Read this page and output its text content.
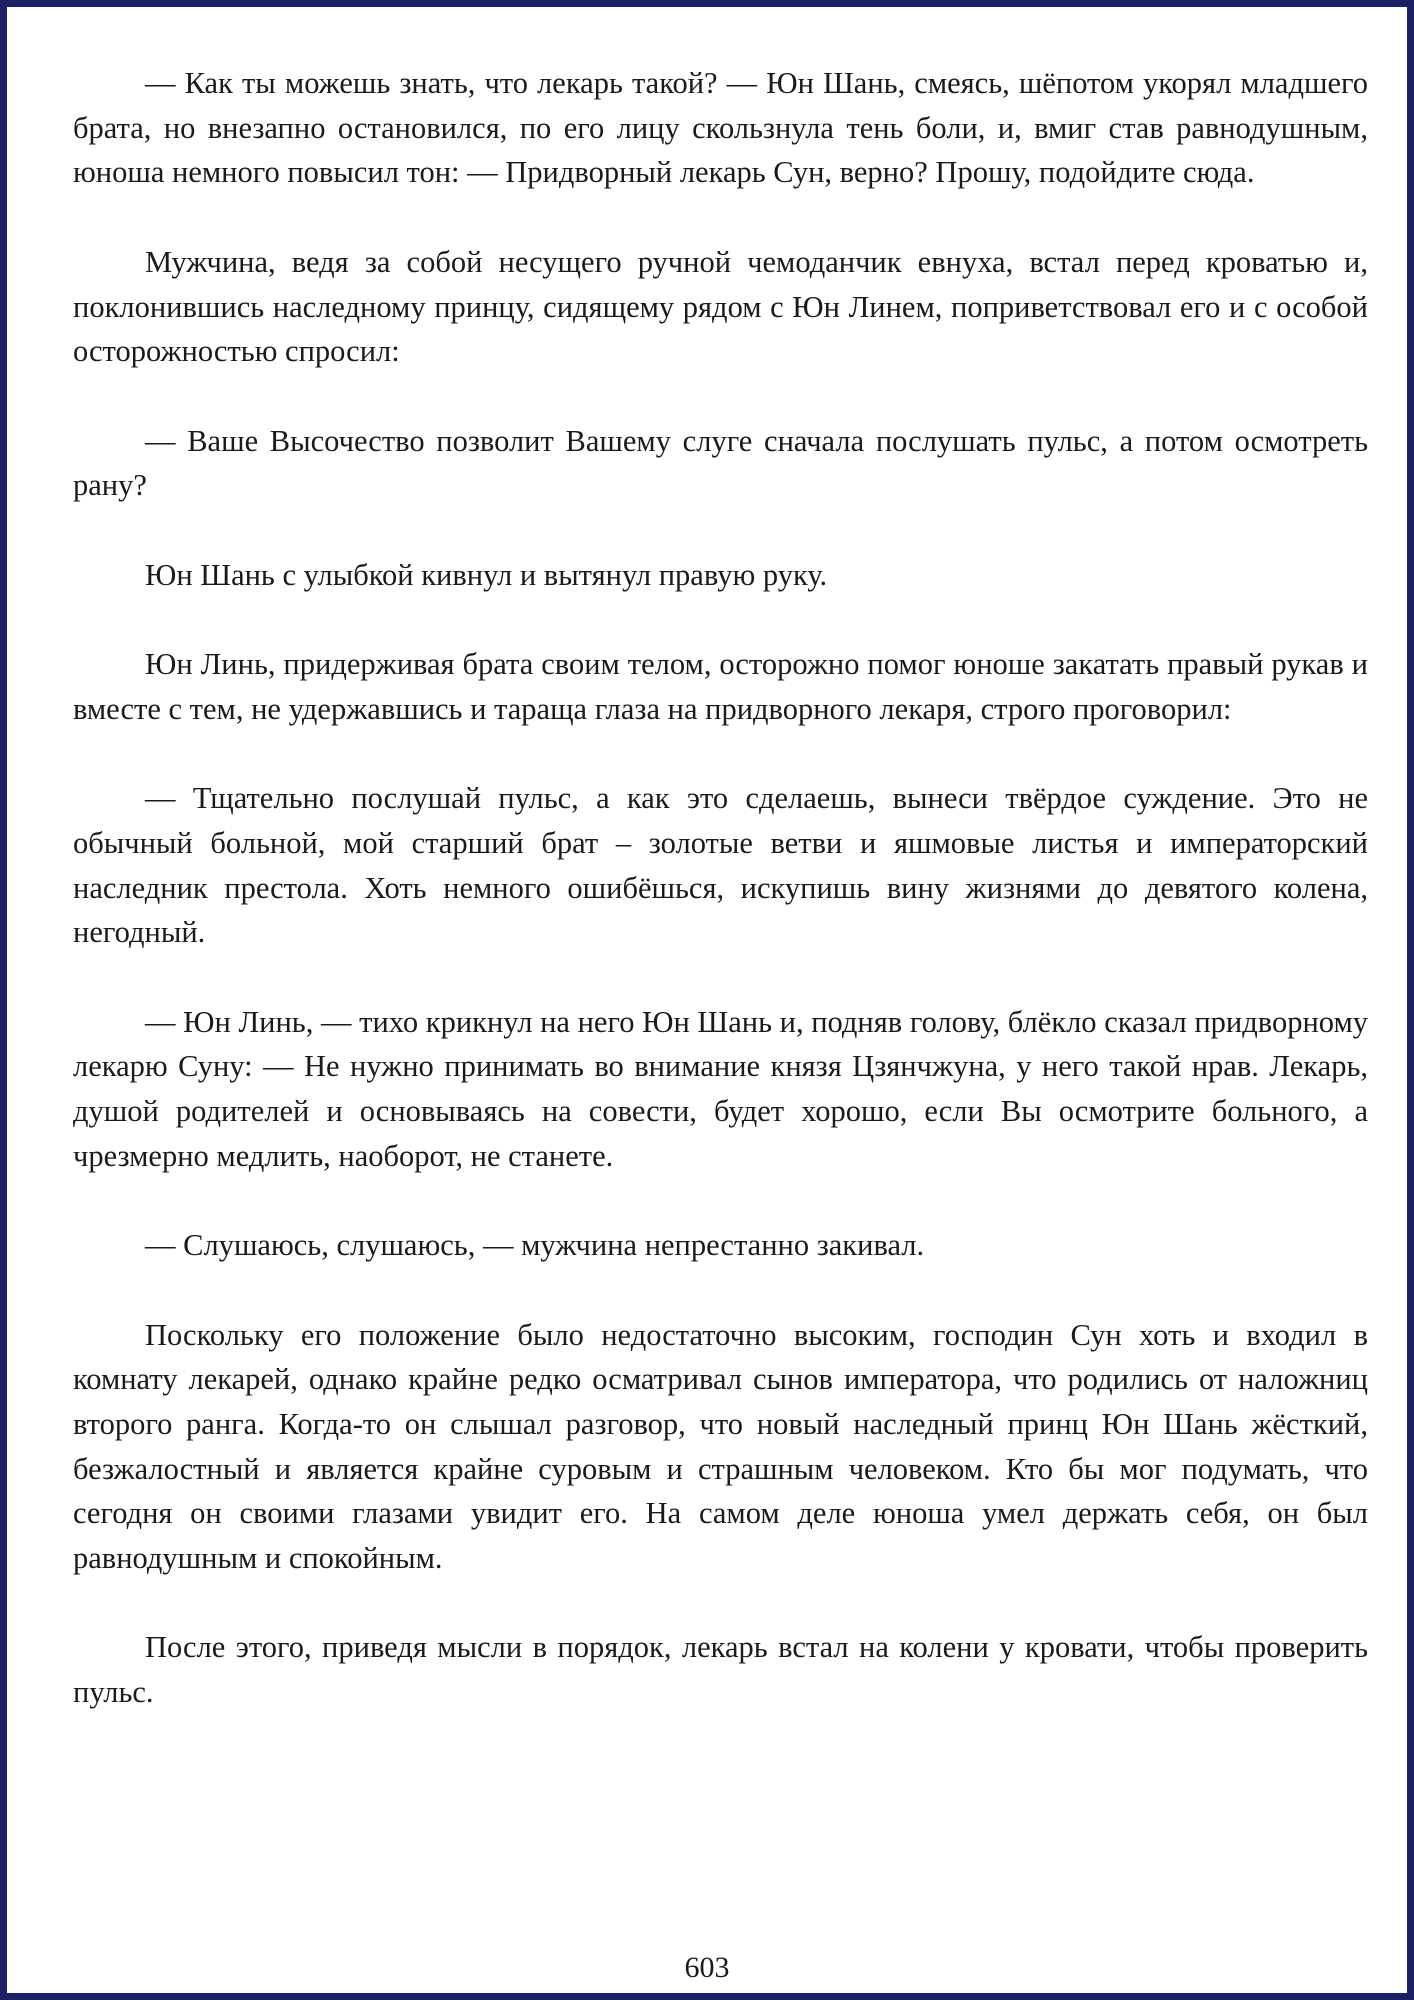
— Как ты можешь знать, что лекарь такой? — Юн Шань, смеясь, шёпотом укорял младшего брата, но внезапно остановился, по его лицу скользнула тень боли, и, вмиг став равнодушным, юноша немного повысил тон: — Придворный лекарь Сун, верно? Прошу, подойдите сюда.

Мужчина, ведя за собой несущего ручной чемоданчик евнуха, встал перед кроватью и, поклонившись наследному принцу, сидящему рядом с Юн Линем, поприветствовал его и с особой осторожностью спросил:

— Ваше Высочество позволит Вашему слуге сначала послушать пульс, а потом осмотреть рану?

Юн Шань с улыбкой кивнул и вытянул правую руку.

Юн Линь, придерживая брата своим телом, осторожно помог юноше закатать правый рукав и вместе с тем, не удержавшись и тараща глаза на придворного лекаря, строго проговорил:

— Тщательно послушай пульс, а как это сделаешь, вынеси твёрдое суждение. Это не обычный больной, мой старший брат – золотые ветви и яшмовые листья и императорский наследник престола. Хоть немного ошибёшься, искупишь вину жизнями до девятого колена, негодный.

— Юн Линь, — тихо крикнул на него Юн Шань и, подняв голову, блёкло сказал придворному лекарю Суну: — Не нужно принимать во внимание князя Цзянчжуна, у него такой нрав. Лекарь, душой родителей и основываясь на совести, будет хорошо, если Вы осмотрите больного, а чрезмерно медлить, наоборот, не станете.

— Слушаюсь, слушаюсь, — мужчина непрестанно закивал.

Поскольку его положение было недостаточно высоким, господин Сун хоть и входил в комнату лекарей, однако крайне редко осматривал сынов императора, что родились от наложниц второго ранга. Когда-то он слышал разговор, что новый наследный принц Юн Шань жёсткий, безжалостный и является крайне суровым и страшным человеком. Кто бы мог подумать, что сегодня он своими глазами увидит его. На самом деле юноша умел держать себя, он был равнодушным и спокойным.

После этого, приведя мысли в порядок, лекарь встал на колени у кровати, чтобы проверить пульс.

603
